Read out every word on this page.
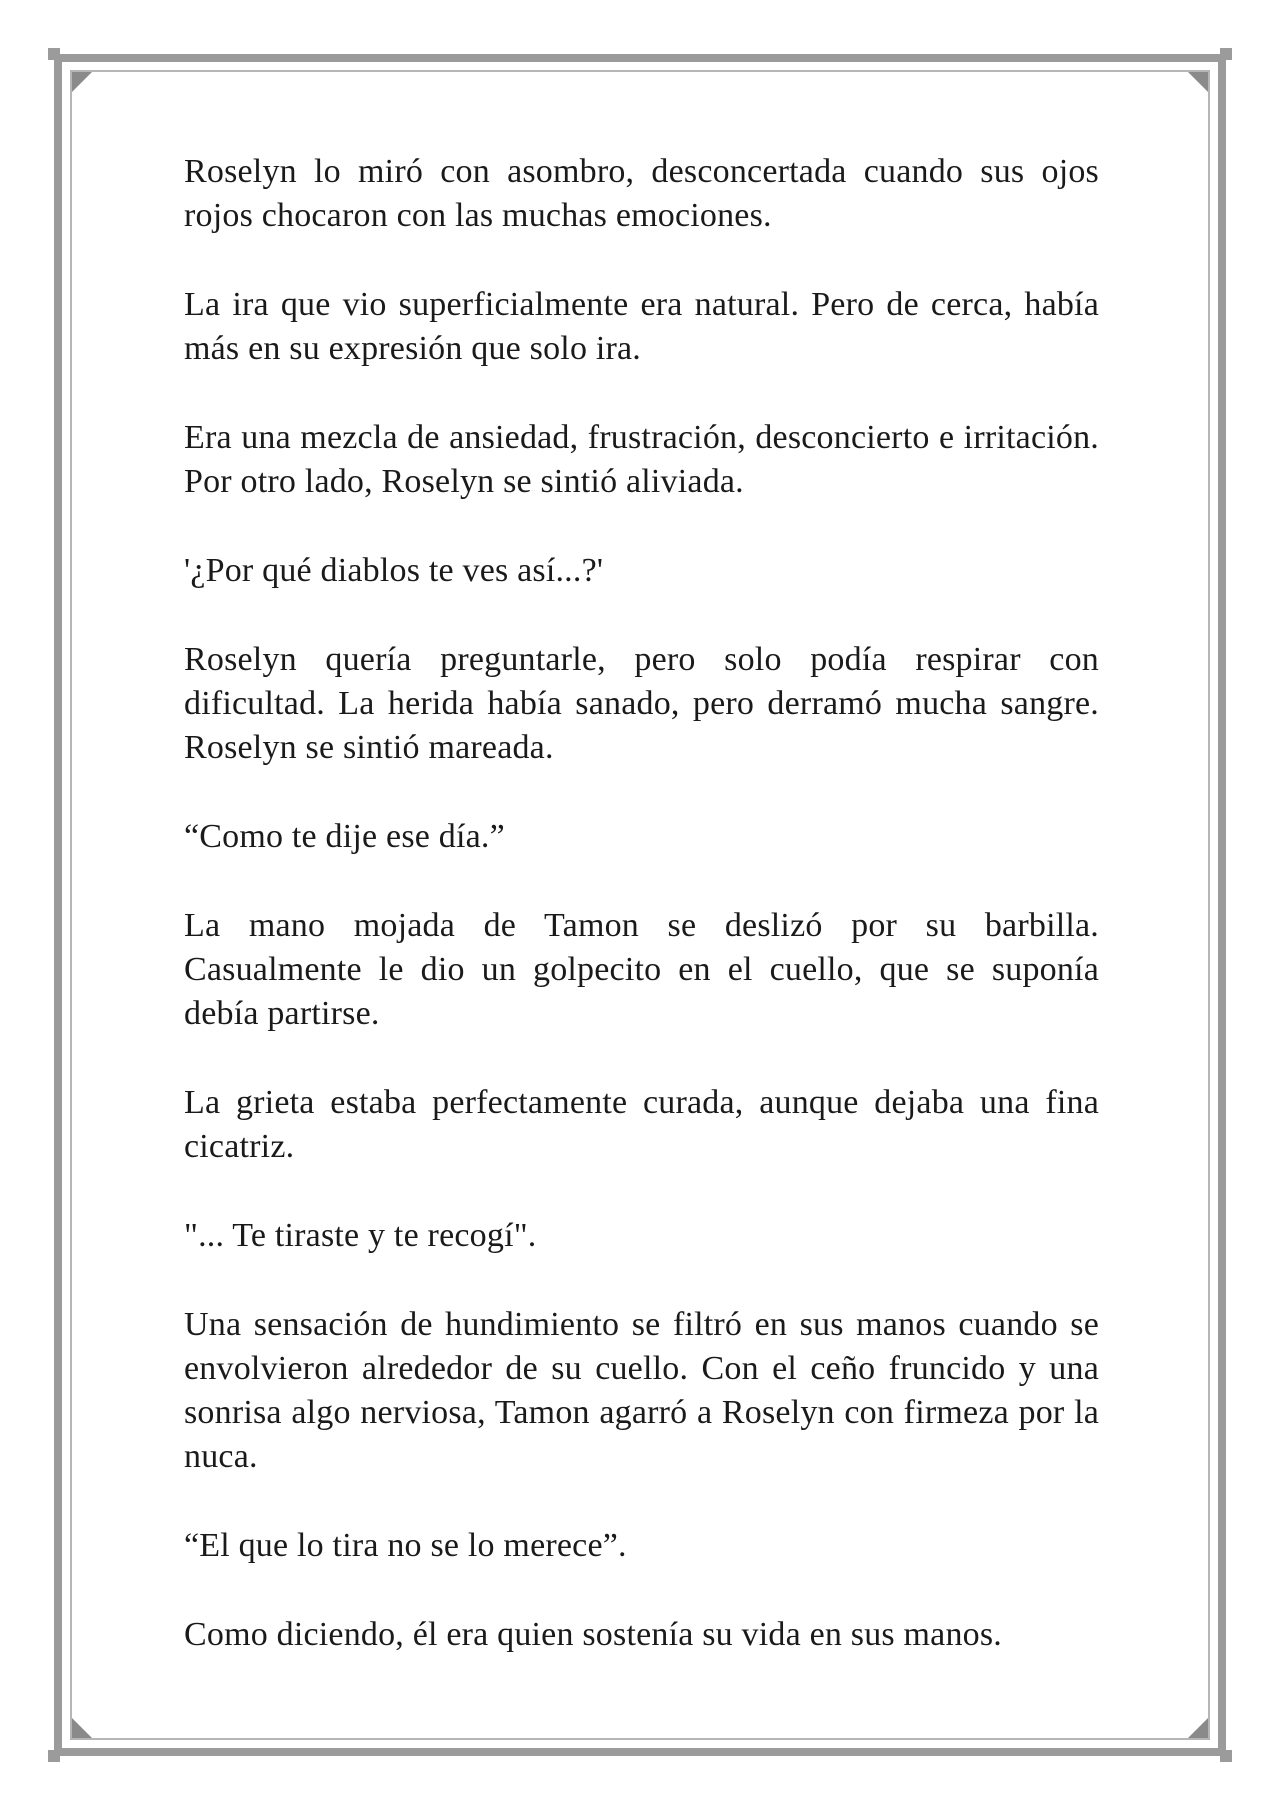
Roselyn lo miró con asombro, desconcertada cuando sus ojos rojos chocaron con las muchas emociones.

La ira que vio superficialmente era natural. Pero de cerca, había más en su expresión que solo ira.

Era una mezcla de ansiedad, frustración, desconcierto e irritación. Por otro lado, Roselyn se sintió aliviada.

'¿Por qué diablos te ves así...?'

Roselyn quería preguntarle, pero solo podía respirar con dificultad. La herida había sanado, pero derramó mucha sangre. Roselyn se sintió mareada.

“Como te dije ese día.”

La mano mojada de Tamon se deslizó por su barbilla. Casualmente le dio un golpecito en el cuello, que se suponía debía partirse.

La grieta estaba perfectamente curada, aunque dejaba una fina cicatriz.

"... Te tiraste y te recogí".

Una sensación de hundimiento se filtró en sus manos cuando se envolvieron alrededor de su cuello. Con el ceño fruncido y una sonrisa algo nerviosa, Tamon agarró a Roselyn con firmeza por la nuca.

“El que lo tira no se lo merece”.

Como diciendo, él era quien sostenía su vida en sus manos.
